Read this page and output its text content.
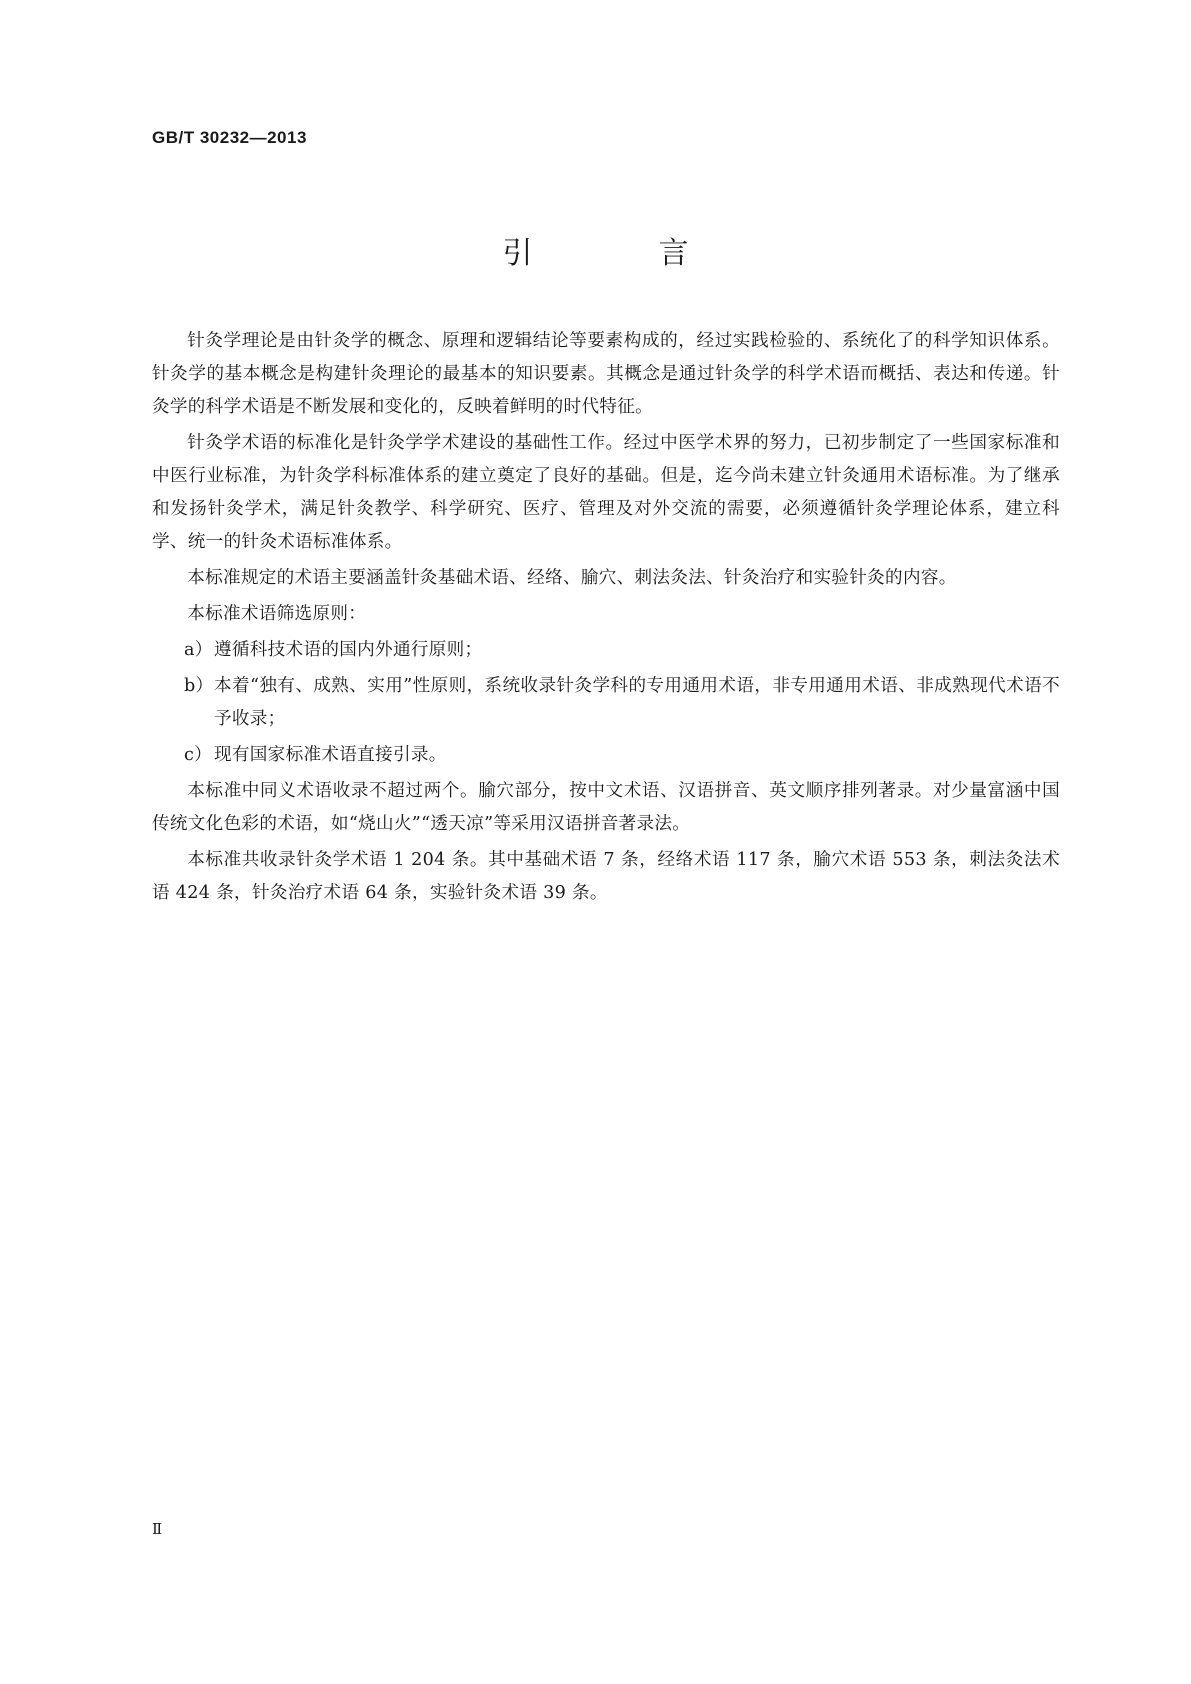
GB/T 30232—2013
引　言

针灸学理论是由针灸学的概念、原理和逻辑结论等要素构成的，经过实践检验的、系统化了的科学知识体系。针灸学的基本概念是构建针灸理论的最基本的知识要素。其概念是通过针灸学的科学术语而概括、表达和传递。针灸学的科学术语是不断发展和变化的，反映着鲜明的时代特征。

针灸学术语的标准化是针灸学学术建设的基础性工作。经过中医学术界的努力，已初步制定了一些国家标准和中医行业标准，为针灸学科标准体系的建立奠定了良好的基础。但是，迄今尚未建立针灸通用术语标准。为了继承和发扬针灸学术，满足针灸教学、科学研究、医疗、管理及对外交流的需要，必须遵循针灸学理论体系，建立科学、统一的针灸术语标准体系。

本标准规定的术语主要涵盖针灸基础术语、经络、腧穴、刺法灸法、针灸治疗和实验针灸的内容。

本标准术语筛选原则：

a） 遵循科技术语的国内外通行原则；
b） 本着“独有、成熟、实用”性原则，系统收录针灸学科的专用通用术语，非专用通用术语、非成熟现代术语不予收录；
c） 现有国家标准术语直接引录。

本标准中同义术语收录不超过两个。腧穴部分，按中文术语、汉语拼音、英文顺序排列著录。对少量富涵中国传统文化色彩的术语，如“烧山火”“透天凉”等采用汉语拼音著录法。

本标准共收录针灸学术语 1 204 条。其中基础术语 7 条，经络术语 117 条，腧穴术语 553 条，刺法灸法术语 424 条，针灸治疗术语 64 条，实验针灸术语 39 条。

Ⅱ
